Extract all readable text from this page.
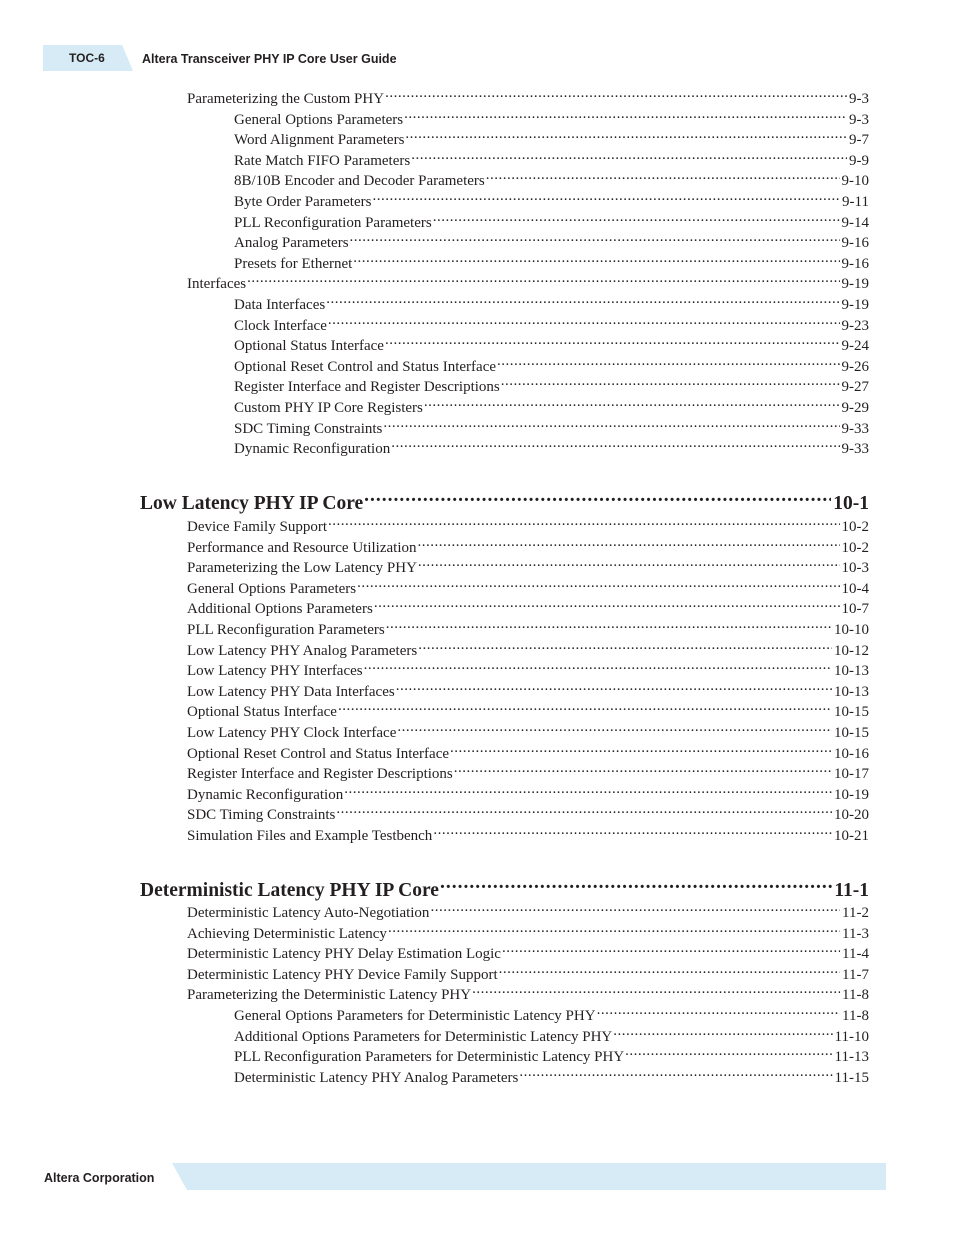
TOC-6	Altera Transceiver PHY IP Core User Guide
Parameterizing the Custom PHY .....	9-3
General Options Parameters .....	9-3
Word Alignment Parameters .....	9-7
Rate Match FIFO Parameters .....	9-9
8B/10B Encoder and Decoder Parameters .....	9-10
Byte Order Parameters .....	9-11
PLL Reconfiguration Parameters .....	9-14
Analog Parameters .....	9-16
Presets for Ethernet .....	9-16
Interfaces .....	9-19
Data Interfaces .....	9-19
Clock Interface .....	9-23
Optional Status Interface .....	9-24
Optional Reset Control and Status Interface .....	9-26
Register Interface and Register Descriptions .....	9-27
Custom PHY IP Core Registers .....	9-29
SDC Timing Constraints .....	9-33
Dynamic Reconfiguration .....	9-33
Low Latency PHY IP Core .....	10-1
Device Family Support .....	10-2
Performance and Resource Utilization .....	10-2
Parameterizing the Low Latency PHY .....	10-3
General Options Parameters .....	10-4
Additional Options Parameters .....	10-7
PLL Reconfiguration Parameters .....	10-10
Low Latency PHY Analog Parameters .....	10-12
Low Latency PHY Interfaces .....	10-13
Low Latency PHY Data Interfaces .....	10-13
Optional Status Interface .....	10-15
Low Latency PHY Clock Interface .....	10-15
Optional Reset Control and Status Interface .....	10-16
Register Interface and Register Descriptions .....	10-17
Dynamic Reconfiguration .....	10-19
SDC Timing Constraints .....	10-20
Simulation Files and Example Testbench .....	10-21
Deterministic Latency PHY IP Core .....	11-1
Deterministic Latency Auto-Negotiation .....	11-2
Achieving Deterministic Latency .....	11-3
Deterministic Latency PHY Delay Estimation Logic .....	11-4
Deterministic Latency PHY Device Family Support .....	11-7
Parameterizing the Deterministic Latency PHY .....	11-8
General Options Parameters for Deterministic Latency PHY .....	11-8
Additional Options Parameters for Deterministic Latency PHY .....	11-10
PLL Reconfiguration Parameters for Deterministic Latency PHY .....	11-13
Deterministic Latency PHY Analog Parameters .....	11-15
Altera Corporation
